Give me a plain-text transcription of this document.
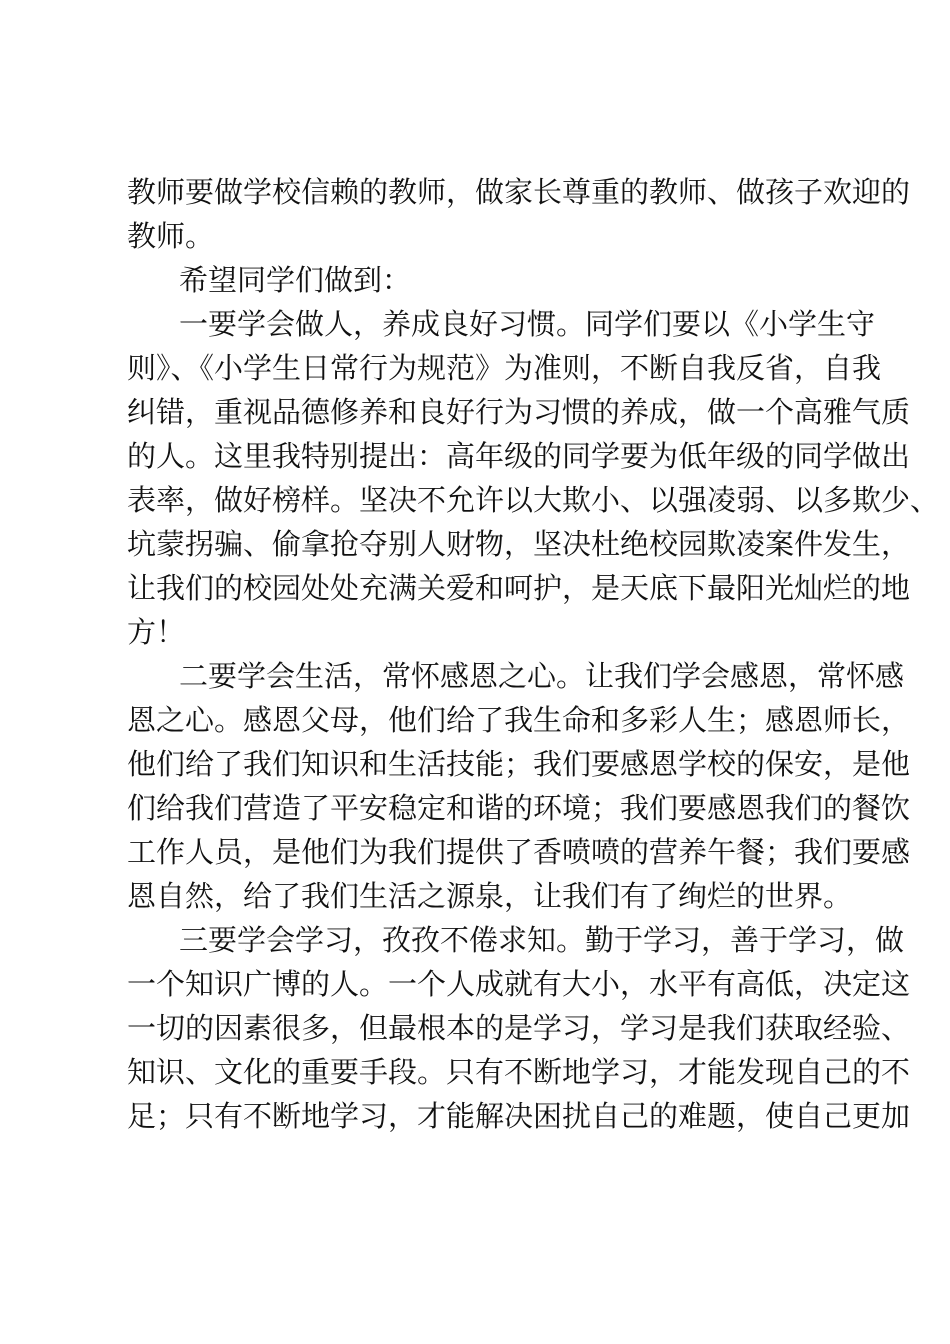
教师要做学校信赖的教师，做家长尊重的教师、做孩子欢迎的
教师。
希望同学们做到：
一要学会做人，养成良好习惯。同学们要以《小学生守
则》、《小学生日常行为规范》为准则，不断自我反省，自我
纠错，重视品德修养和良好行为习惯的养成，做一个高雅气质
的人。这里我特别提出：高年级的同学要为低年级的同学做出
表率，做好榜样。坚决不允许以大欺小、以强凌弱、以多欺少、
坑蒙拐骗、偷拿抢夺别人财物，坚决杜绝校园欺凌案件发生，
让我们的校园处处充满关爱和呵护，是天底下最阳光灿烂的地
方！
二要学会生活，常怀感恩之心。让我们学会感恩，常怀感
恩之心。感恩父母，他们给了我生命和多彩人生；感恩师长，
他们给了我们知识和生活技能；我们要感恩学校的保安，是他
们给我们营造了平安稳定和谐的环境；我们要感恩我们的餐饮
工作人员，是他们为我们提供了香喷喷的营养午餐；我们要感
恩自然，给了我们生活之源泉，让我们有了绚烂的世界。
三要学会学习，孜孜不倦求知。勤于学习，善于学习，做
一个知识广博的人。一个人成就有大小，水平有高低，决定这
一切的因素很多，但最根本的是学习，学习是我们获取经验、
知识、文化的重要手段。只有不断地学习，才能发现自己的不
足；只有不断地学习，才能解决困扰自己的难题，使自己更加
